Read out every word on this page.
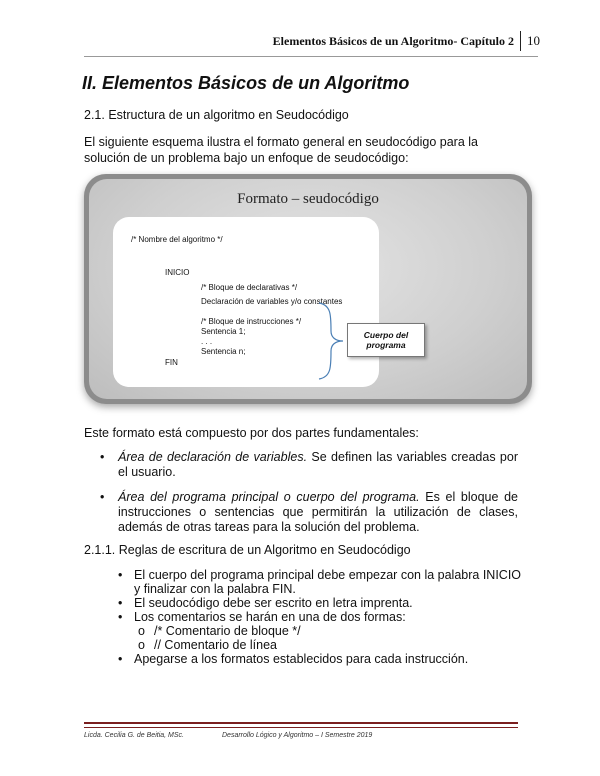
Elementos Básicos de un Algoritmo- Capítulo 2 10
II. Elementos Básicos de un Algoritmo
2.1. Estructura de un algoritmo en Seudocódigo
El siguiente esquema ilustra el formato general en seudocódigo para la solución de un problema bajo un enfoque de seudocódigo:
Formato – seudocódigo
/* Nombre del algoritmo */
INICIO
/* Bloque de declarativas */
Declaración de variables y/o constantes
/* Bloque de instrucciones */
Sentencia 1;
. . .
Sentencia n;
FIN
Cuerpo del
programa
Este formato está compuesto por dos partes fundamentales:
• Área de declaración de variables. Se definen las variables creadas por el usuario.
• Área del programa principal o cuerpo del programa. Es el bloque de instrucciones o sentencias que permitirán la utilización de clases, además de otras tareas para la solución del problema.
2.1.1. Reglas de escritura de un Algoritmo en Seudocódigo
• El cuerpo del programa principal debe empezar con la palabra INICIO y finalizar con la palabra FIN.
• El seudocódigo debe ser escrito en letra imprenta.
• Los comentarios se harán en una de dos formas:
o /* Comentario de bloque */
o // Comentario de línea
• Apegarse a los formatos establecidos para cada instrucción.
Licda. Cecilia G. de Beitia, MSc.	Desarrollo Lógico y Algoritmo – I Semestre 2019
